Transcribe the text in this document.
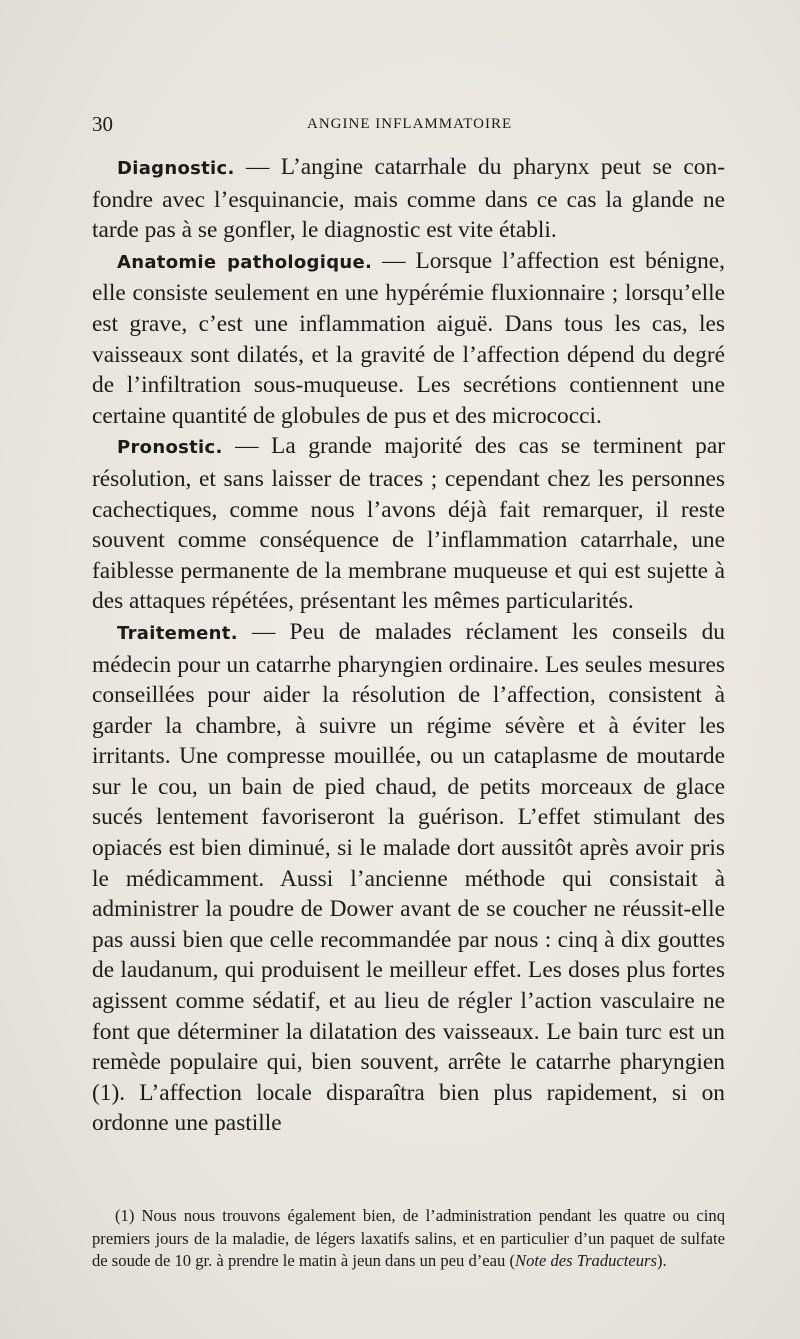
30	ANGINE INFLAMMATOIRE

Diagnostic. — L’angine catarrhale du pharynx peut se confondre avec l’esquinancie, mais comme dans ce cas la glande ne tarde pas à se gonfler, le diagnostic est vite établi.

Anatomie pathologique. — Lorsque l’affection est bénigne, elle consiste seulement en une hypérémie fluxionnaire ; lorsqu’elle est grave, c’est une inflammation aiguë. Dans tous les cas, les vaisseaux sont dilatés, et la gravité de l’affection dépend du degré de l’infiltration sous-muqueuse. Les secrétions contiennent une certaine quantité de globules de pus et des micrococci.

Pronostic. — La grande majorité des cas se terminent par résolution, et sans laisser de traces ; cependant chez les personnes cachectiques, comme nous l’avons déjà fait remarquer, il reste souvent comme conséquence de l’inflammation catarrhale, une faiblesse permanente de la membrane muqueuse et qui est sujette à des attaques répétées, présentant les mêmes particularités.

Traitement. — Peu de malades réclament les conseils du médecin pour un catarrhe pharyngien ordinaire. Les seules mesures conseillées pour aider la résolution de l’affection, consistent à garder la chambre, à suivre un régime sévère et à éviter les irritants. Une compresse mouillée, ou un cataplasme de moutarde sur le cou, un bain de pied chaud, de petits morceaux de glace sucés lentement favoriseront la guérison. L’effet stimulant des opiacés est bien diminué, si le malade dort aussitôt après avoir pris le médicamment. Aussi l’ancienne méthode qui consistait à administrer la poudre de Dower avant de se coucher ne réussit-elle pas aussi bien que celle recommandée par nous : cinq à dix gouttes de laudanum, qui produisent le meilleur effet. Les doses plus fortes agissent comme sédatif, et au lieu de régler l’action vasculaire ne font que déterminer la dilatation des vaisseaux. Le bain turc est un remède populaire qui, bien souvent, arrête le catarrhe pharyngien (1). L’affection locale disparaîtra bien plus rapidement, si on ordonne une pastille

(1) Nous nous trouvons également bien, de l’administration pendant les quatre ou cinq premiers jours de la maladie, de légers laxatifs salins, et en particulier d’un paquet de sulfate de soude de 10 gr. à prendre le matin à jeun dans un peu d’eau (Note des Traducteurs).
